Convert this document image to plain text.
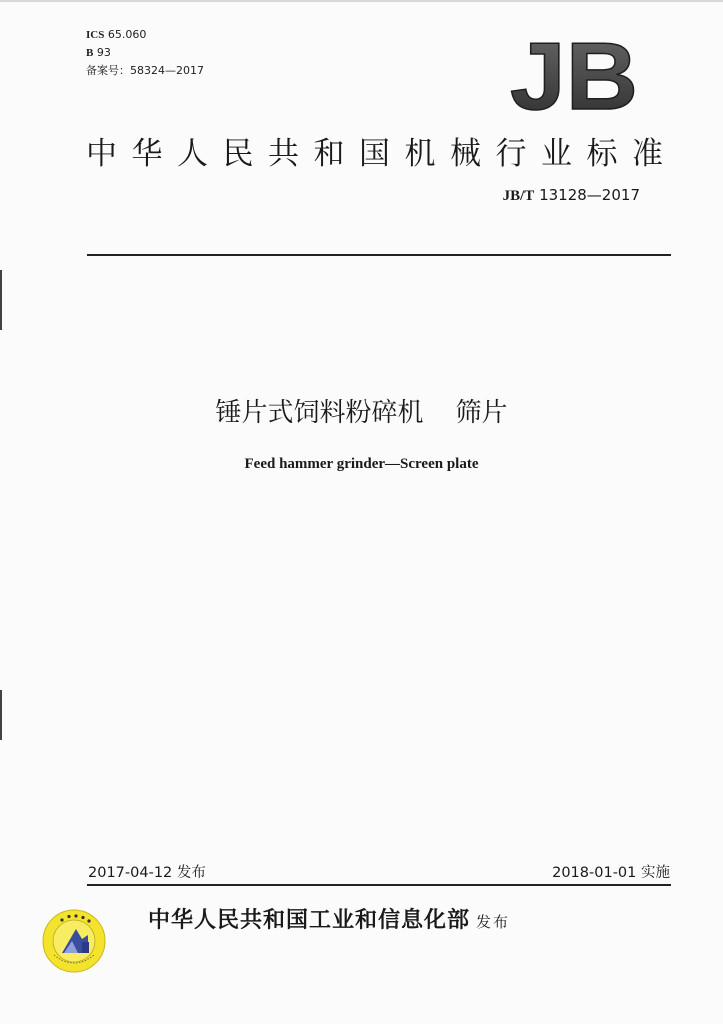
ICS 65.060
B 93
备案号：58324—2017	JB
中华人民共和国机械行业标准
JB/T 13128—2017
锤片式饲料粉碎机 筛片
Feed hammer grinder—Screen plate
2017-04-12 发布	2018-01-01 实施
中华人民共和国工业和信息化部 发布
